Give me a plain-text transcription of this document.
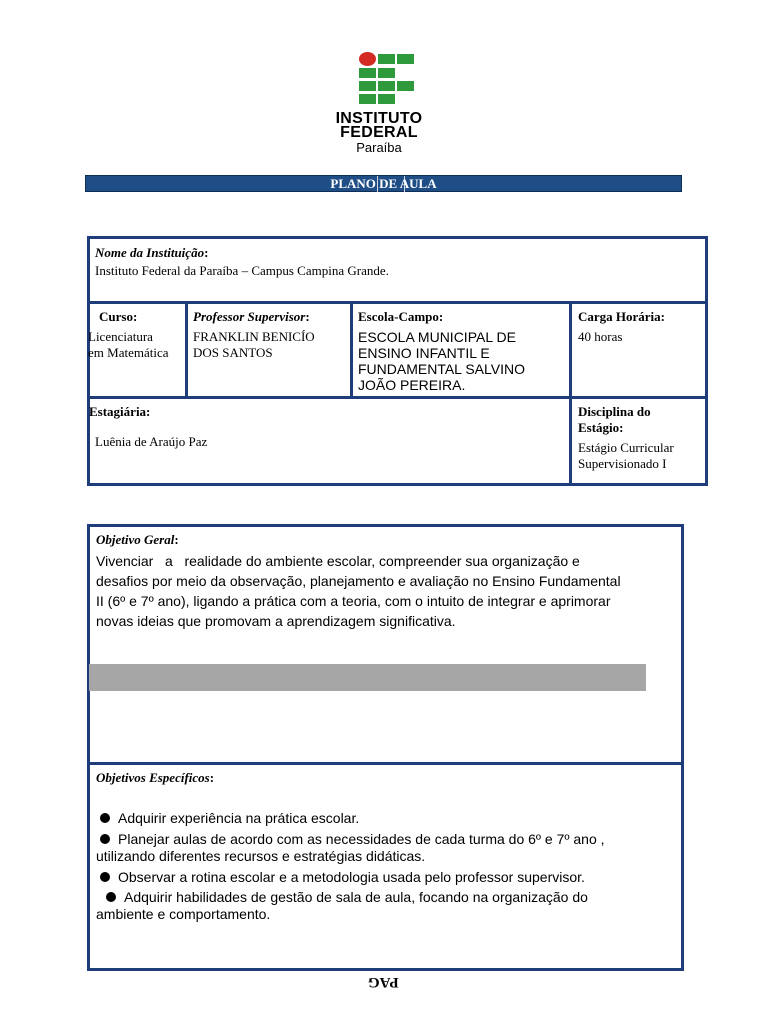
INSTITUTO
FEDERAL
Paraíba
PLANO DE AULA
Nome da Instituição:
Instituto Federal da Paraíba – Campus Campina Grande.
Curso:
Licenciatura
em Matemática
Professor Supervisor:
FRANKLIN BENICÍO
DOS SANTOS
Escola-Campo:
ESCOLA MUNICIPAL DE
ENSINO INFANTIL E
FUNDAMENTAL SALVINO
JOÃO PEREIRA.
Carga Horária:
40 horas
Estagiária:
Luênia de Araújo Paz
Disciplina do
Estágio:
Estágio Curricular
Supervisionado I
Objetivo Geral:
Vivenciar   a   realidade do ambiente escolar, compreender sua organização e
desafios por meio da observação, planejamento e avaliação no Ensino Fundamental
II (6º e 7º ano), ligando a prática com a teoria, com o intuito de integrar e aprimorar
novas ideias que promovam a aprendizagem significativa.
Objetivos Específicos:
Adquirir experiência na prática escolar.
Planejar aulas de acordo com as necessidades de cada turma do 6º e 7º ano ,
utilizando diferentes recursos e estratégias didáticas.
Observar a rotina escolar e a metodologia usada pelo professor supervisor.
Adquirir habilidades de gestão de sala de aula, focando na organização do
ambiente e comportamento.
PAG
